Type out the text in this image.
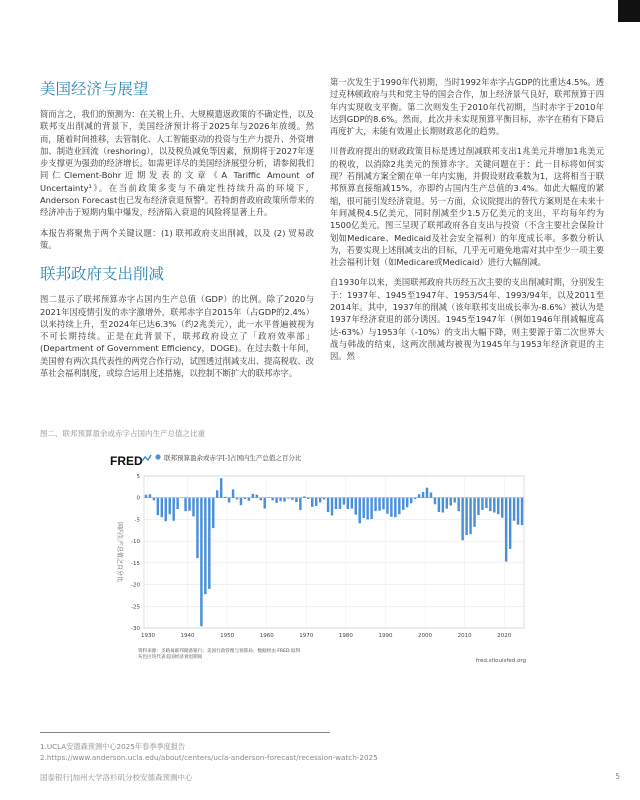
美国经济与展望

简而言之，我们的预测为：在关税上升、大规模遣返政策的不确定性，以及联邦支出削减的背景下，美国经济预计将于2025年与2026年放缓。然而，随着时间推移，去管制化、人工智能驱动的投资与生产力提升、外资增加、制造业回流（reshoring），以及税负减免等因素，预期将于2027年逐步支撑更为强劲的经济增长。如需更详尽的美国经济展望分析，请参阅我们同仁Clement-Bohr近期发表的文章《A Tariffic Amount of Uncertainty¹》。在当前政策多变与不确定性持续升高的环境下，Anderson Forecast也已发布经济衰退预警²。若特朗普政府政策所带来的经济冲击于短期内集中爆发，经济陷入衰退的风险将显著上升。

本报告将聚焦于两个关键议题：(1) 联邦政府支出削减，以及 (2) 贸易政策。

联邦政府支出削减

图二显示了联邦预算赤字占国内生产总值（GDP）的比例。除了2020与2021年因疫情引发的赤字激增外，联邦赤字自2015年（占GDP的2.4%）以来持续上升，至2024年已达6.3%（约2兆美元），此一水平普遍被视为不可长期持续。正是在此背景下，联邦政府设立了「政府效率部」(Department of Government Efficiency，DOGE)。在过去数十年间，美国曾有两次具代表性的两党合作行动，试图透过削减支出、提高税收、改革社会福利制度，或综合运用上述措施，以控制不断扩大的联邦赤字。

第一次发生于1990年代初期，当时1992年赤字占GDP的比重达4.5%。透过克林顿政府与共和党主导的国会合作，加上经济景气良好，联邦预算于四年内实现收支平衡。第二次则发生于2010年代初期，当时赤字于2010年达到GDP的8.6%。然而，此次并未实现预算平衡目标，赤字在稍有下降后再度扩大，未能有效遏止长期财政恶化的趋势。

川普政府提出的财政政策目标是透过削减联邦支出1兆美元并增加1兆美元的税收，以消除2兆美元的预算赤字。关键问题在于：此一目标将如何实现？若削减方案全额在单一年内实施，并假设财政乘数为1，这将相当于联邦预算直接缩减15%，亦即约占国内生产总值的3.4%。如此大幅度的紧缩，很可能引发经济衰退。另一方面，众议院提出的替代方案则是在未来十年间减税4.5亿美元，同时削减至少1.5万亿美元的支出，平均每年约为1500亿美元。图三呈现了联邦政府各自支出与投资（不含主要社会保险计划如Medicare、Medicaid及社会安全福利）的年度成长率。多数分析认为，若要实现上述削减支出的目标，几乎无可避免地需对其中至少一项主要社会福利计划（如Medicare或Medicaid）进行大幅削减。

自1930年以来，美国联邦政府共历经五次主要的支出削减时期，分别发生于：1937年、1945至1947年、1953/54年、1993/94年，以及2011至2014年。其中，1937年的削减（该年联邦支出成长率为-8.6%）被认为是1937年经济衰退的部分诱因。1945至1947年（例如1946年削减幅度高达-63%）与1953年（-10%）的支出大幅下降，则主要源于第二次世界大战与韩战的结束，这两次削减均被视为1945年与1953年经济衰退的主因。然

图二、联邦预算盈余或赤字占国内生产总值之比重
FRED	联邦预算盈余或赤字[-]占国内生产总值之百分比
国内生产总值之百分比
5
0
-5
-10
-15
-20
-25
-30
1930	1940	1950	1960	1970	1980	1990	2000	2010	2020
资料来源：圣路易联邦储备银行；美国行政管理与预算局；数据经由 FRED 取得
灰色区块代表美国经济衰退期间
fred.stlouisfed.org
1.UCLA安德森预测中心2025年春季季度报告
2.https://www.anderson.ucla.edu/about/centers/ucla-anderson-forecast/recession-watch-2025
国泰银行|加州大学洛杉矶分校安德森预测中心	5
